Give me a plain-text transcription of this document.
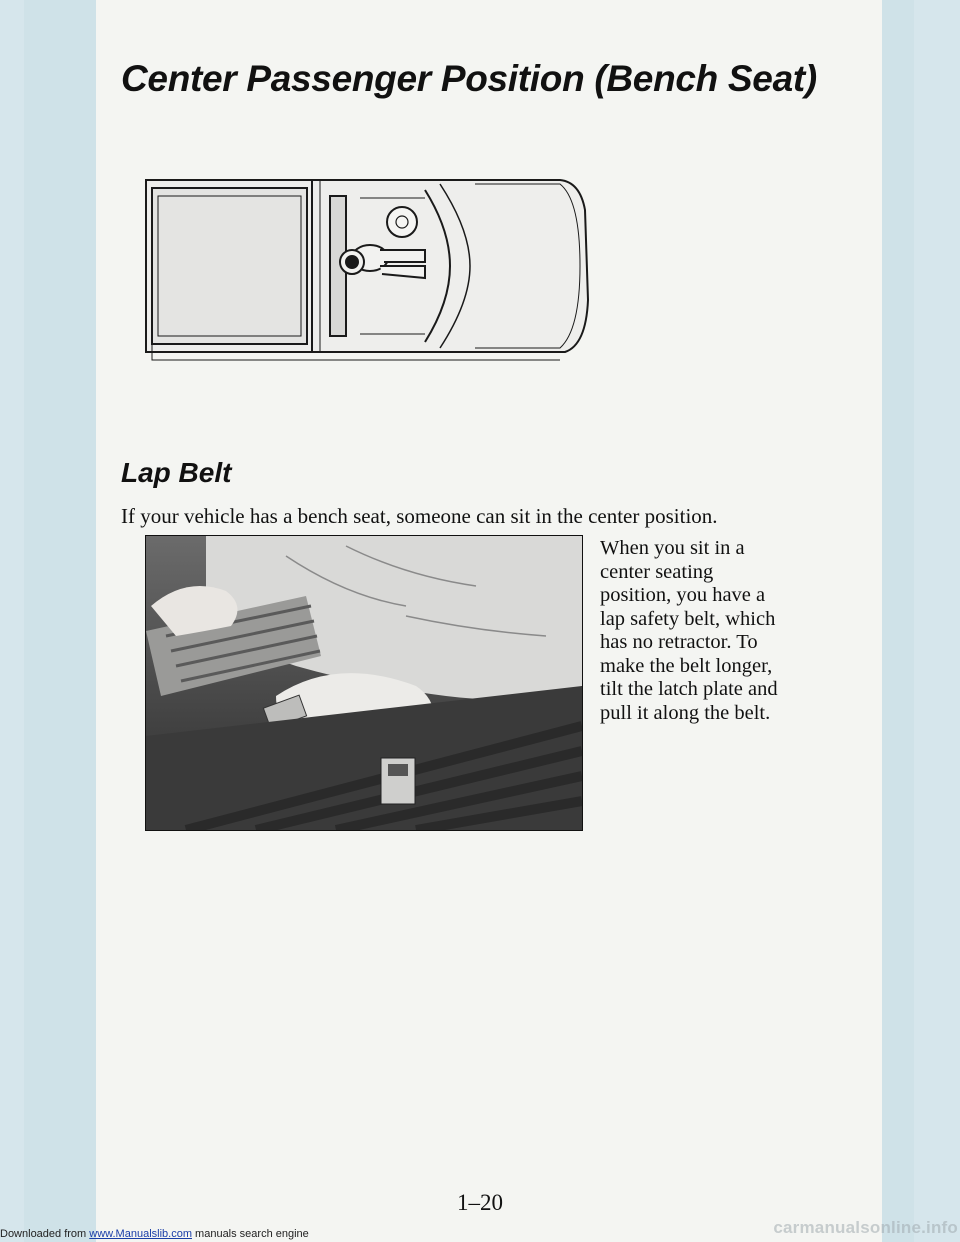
Center Passenger Position (Bench Seat)
Lap Belt

If your vehicle has a bench seat, someone can sit in the center position.

When you sit in a
center seating
position, you have a
lap safety belt, which
has no retractor. To
make the belt longer,
tilt the latch plate and
pull it along the belt.
1–20

Downloaded from www.Manualslib.com manuals search engine	carmanualsonline.info
